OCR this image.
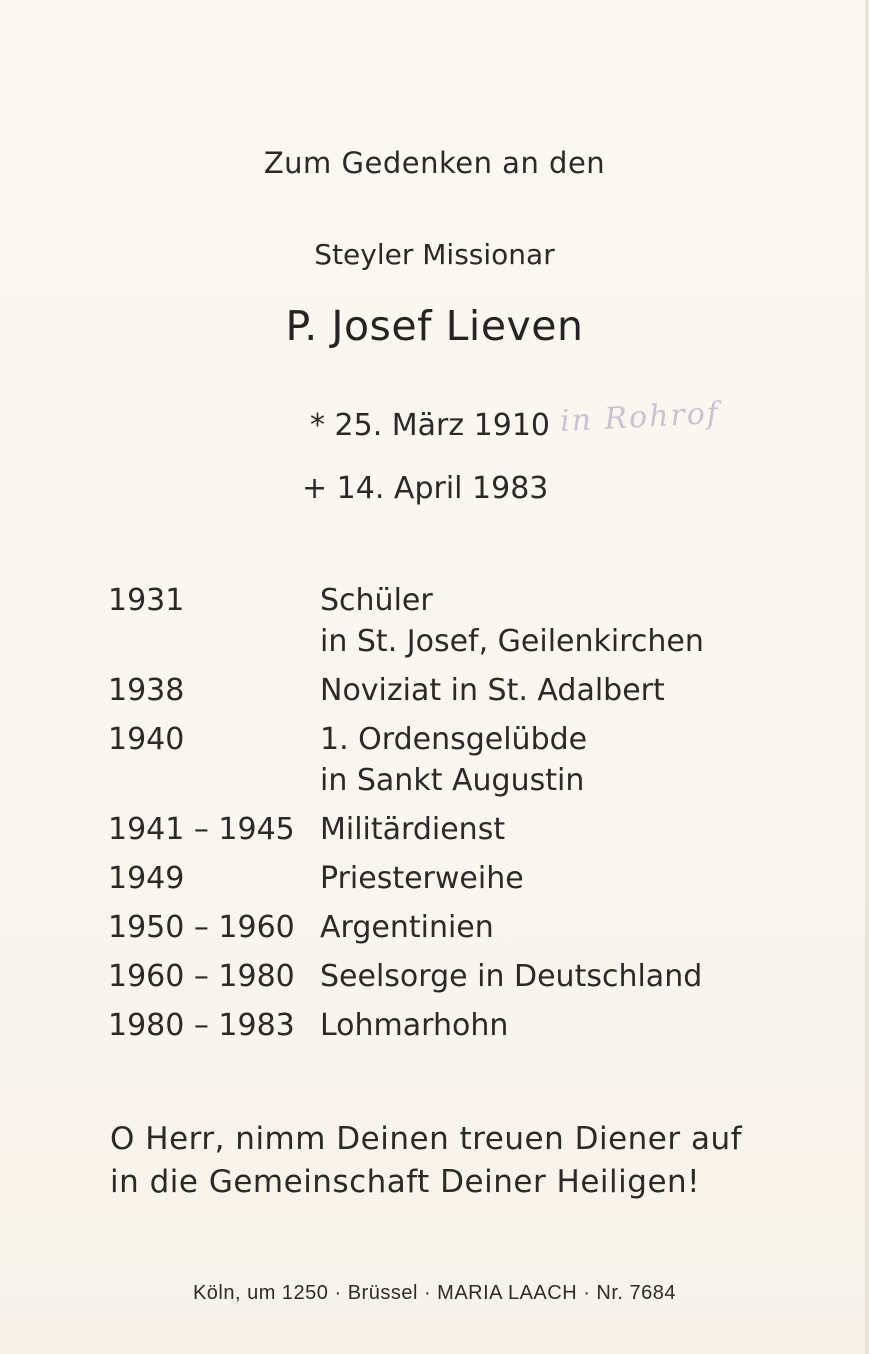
Zum Gedenken an den
Steyler Missionar
P. Josef Lieven
* 25. März 1910 in Rohrof
+ 14. April 1983
1931	Schüler
in St. Josef, Geilenkirchen
1938	Noviziat in St. Adalbert
1940	1. Ordensgelübde
in Sankt Augustin
1941 – 1945 Militärdienst
1949	Priesterweihe
1950 – 1960 Argentinien
1960 – 1980 Seelsorge in Deutschland
1980 – 1983 Lohmarhohn
O Herr, nimm Deinen treuen Diener auf
in die Gemeinschaft Deiner Heiligen!
Köln, um 1250 · Brüssel · MARIA LAACH · Nr. 7684
